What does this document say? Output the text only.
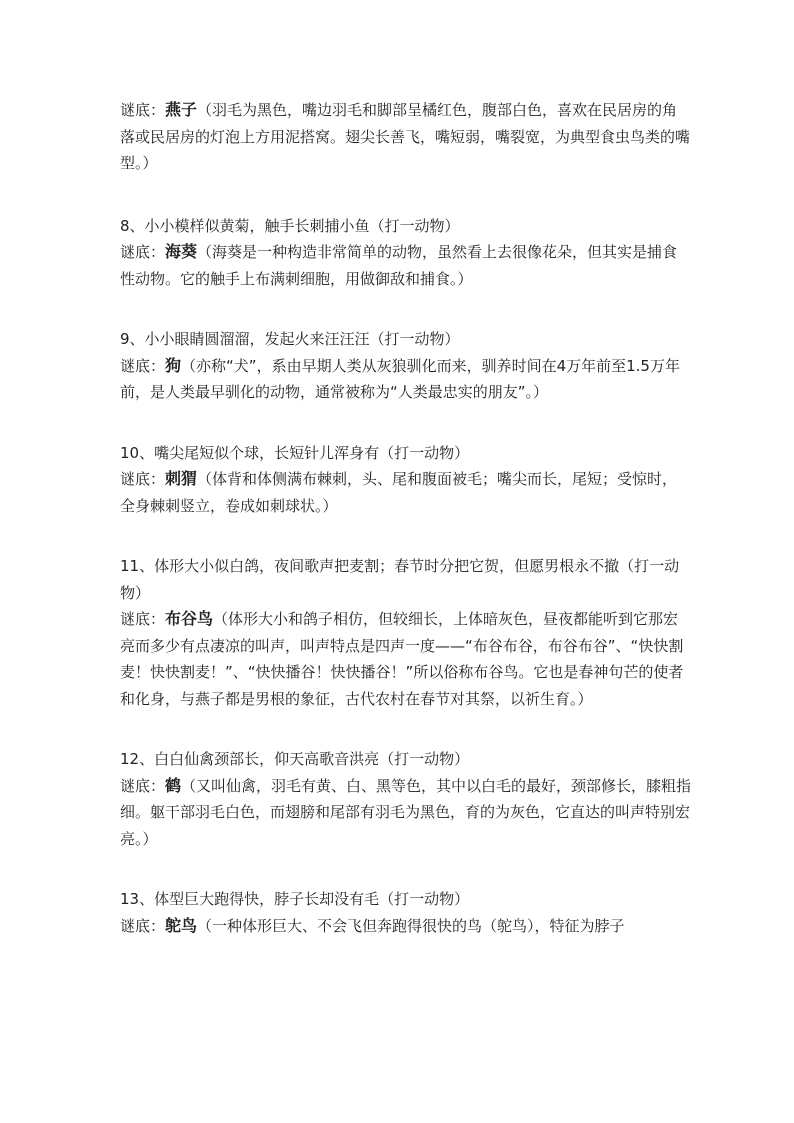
谜底：燕子（羽毛为黑色，嘴边羽毛和脚部呈橘红色，腹部白色，喜欢在民居房的角落或民居房的灯泡上方用泥搭窝。翅尖长善飞，嘴短弱，嘴裂宽，为典型食虫鸟类的嘴型。）

8、小小模样似黄菊，触手长刺捕小鱼（打一动物）

谜底：海葵（海葵是一种构造非常简单的动物，虽然看上去很像花朵，但其实是捕食性动物。它的触手上布满刺细胞，用做御敌和捕食。）

9、小小眼睛圆溜溜，发起火来汪汪汪（打一动物）

谜底：狗（亦称“犬”，系由早期人类从灰狼驯化而来，驯养时间在4万年前至1.5万年前，是人类最早驯化的动物，通常被称为“人类最忠实的朋友”。）

10、嘴尖尾短似个球，长短针儿浑身有（打一动物）

谜底：刺猬（体背和体侧满布棘刺，头、尾和腹面被毛；嘴尖而长，尾短；受惊时，全身棘刺竖立，卷成如刺球状。）

11、体形大小似白鸽，夜间歌声把麦割；春节时分把它贺，但愿男根永不撤（打一动物）

谜底：布谷鸟（体形大小和鸽子相仿，但较细长，上体暗灰色，昼夜都能听到它那宏亮而多少有点凄凉的叫声，叫声特点是四声一度——“布谷布谷，布谷布谷”、“快快割麦！快快割麦！”、“快快播谷！快快播谷！”所以俗称布谷鸟。它也是春神句芒的使者和化身，与燕子都是男根的象征，古代农村在春节对其祭，以祈生育。）

12、白白仙禽颈部长，仰天高歌音洪亮（打一动物）

谜底：鹤（又叫仙禽，羽毛有黄、白、黑等色，其中以白毛的最好，颈部修长，膝粗指细。躯干部羽毛白色，而翅膀和尾部有羽毛为黑色，育的为灰色，它直达的叫声特别宏亮。）

13、体型巨大跑得快，脖子长却没有毛（打一动物）

谜底：鸵鸟（一种体形巨大、不会飞但奔跑得很快的鸟（鸵鸟），特征为脖子
